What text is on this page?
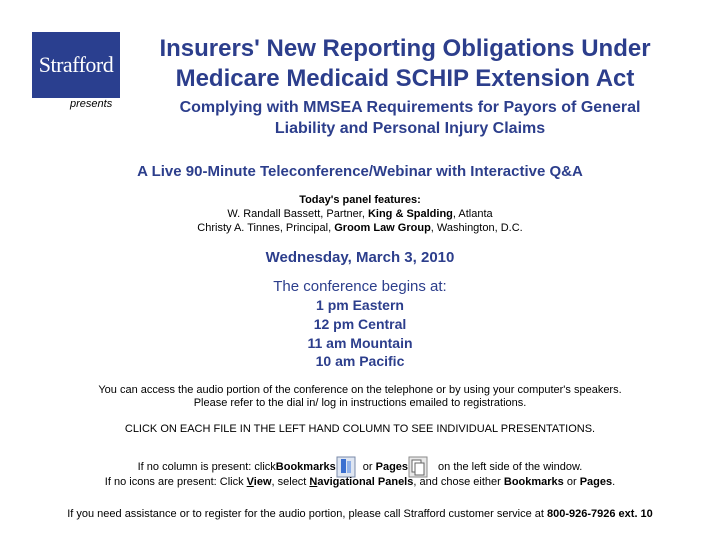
Strafford
presents
Insurers' New Reporting Obligations Under Medicare Medicaid SCHIP Extension Act
Complying with MMSEA Requirements for Payors of General Liability and Personal Injury Claims
A Live 90-Minute Teleconference/Webinar with Interactive Q&A
Today's panel features:
W. Randall Bassett, Partner, King & Spalding, Atlanta
Christy A. Tinnes, Principal, Groom Law Group, Washington, D.C.
Wednesday, March 3, 2010
The conference begins at:
1 pm Eastern
12 pm Central
11 am Mountain
10 am Pacific
You can access the audio portion of the conference on the telephone or by using your computer's speakers.
Please refer to the dial in/ log in instructions emailed to registrations.
CLICK ON EACH FILE IN THE LEFT HAND COLUMN TO SEE INDIVIDUAL PRESENTATIONS.
If no column is present: click Bookmarks or Pages	on the left side of the window.
If no icons are present: Click View, select Navigational Panels, and chose either Bookmarks or Pages.
If you need assistance or to register for the audio portion, please call Strafford customer service at 800-926-7926 ext. 10
